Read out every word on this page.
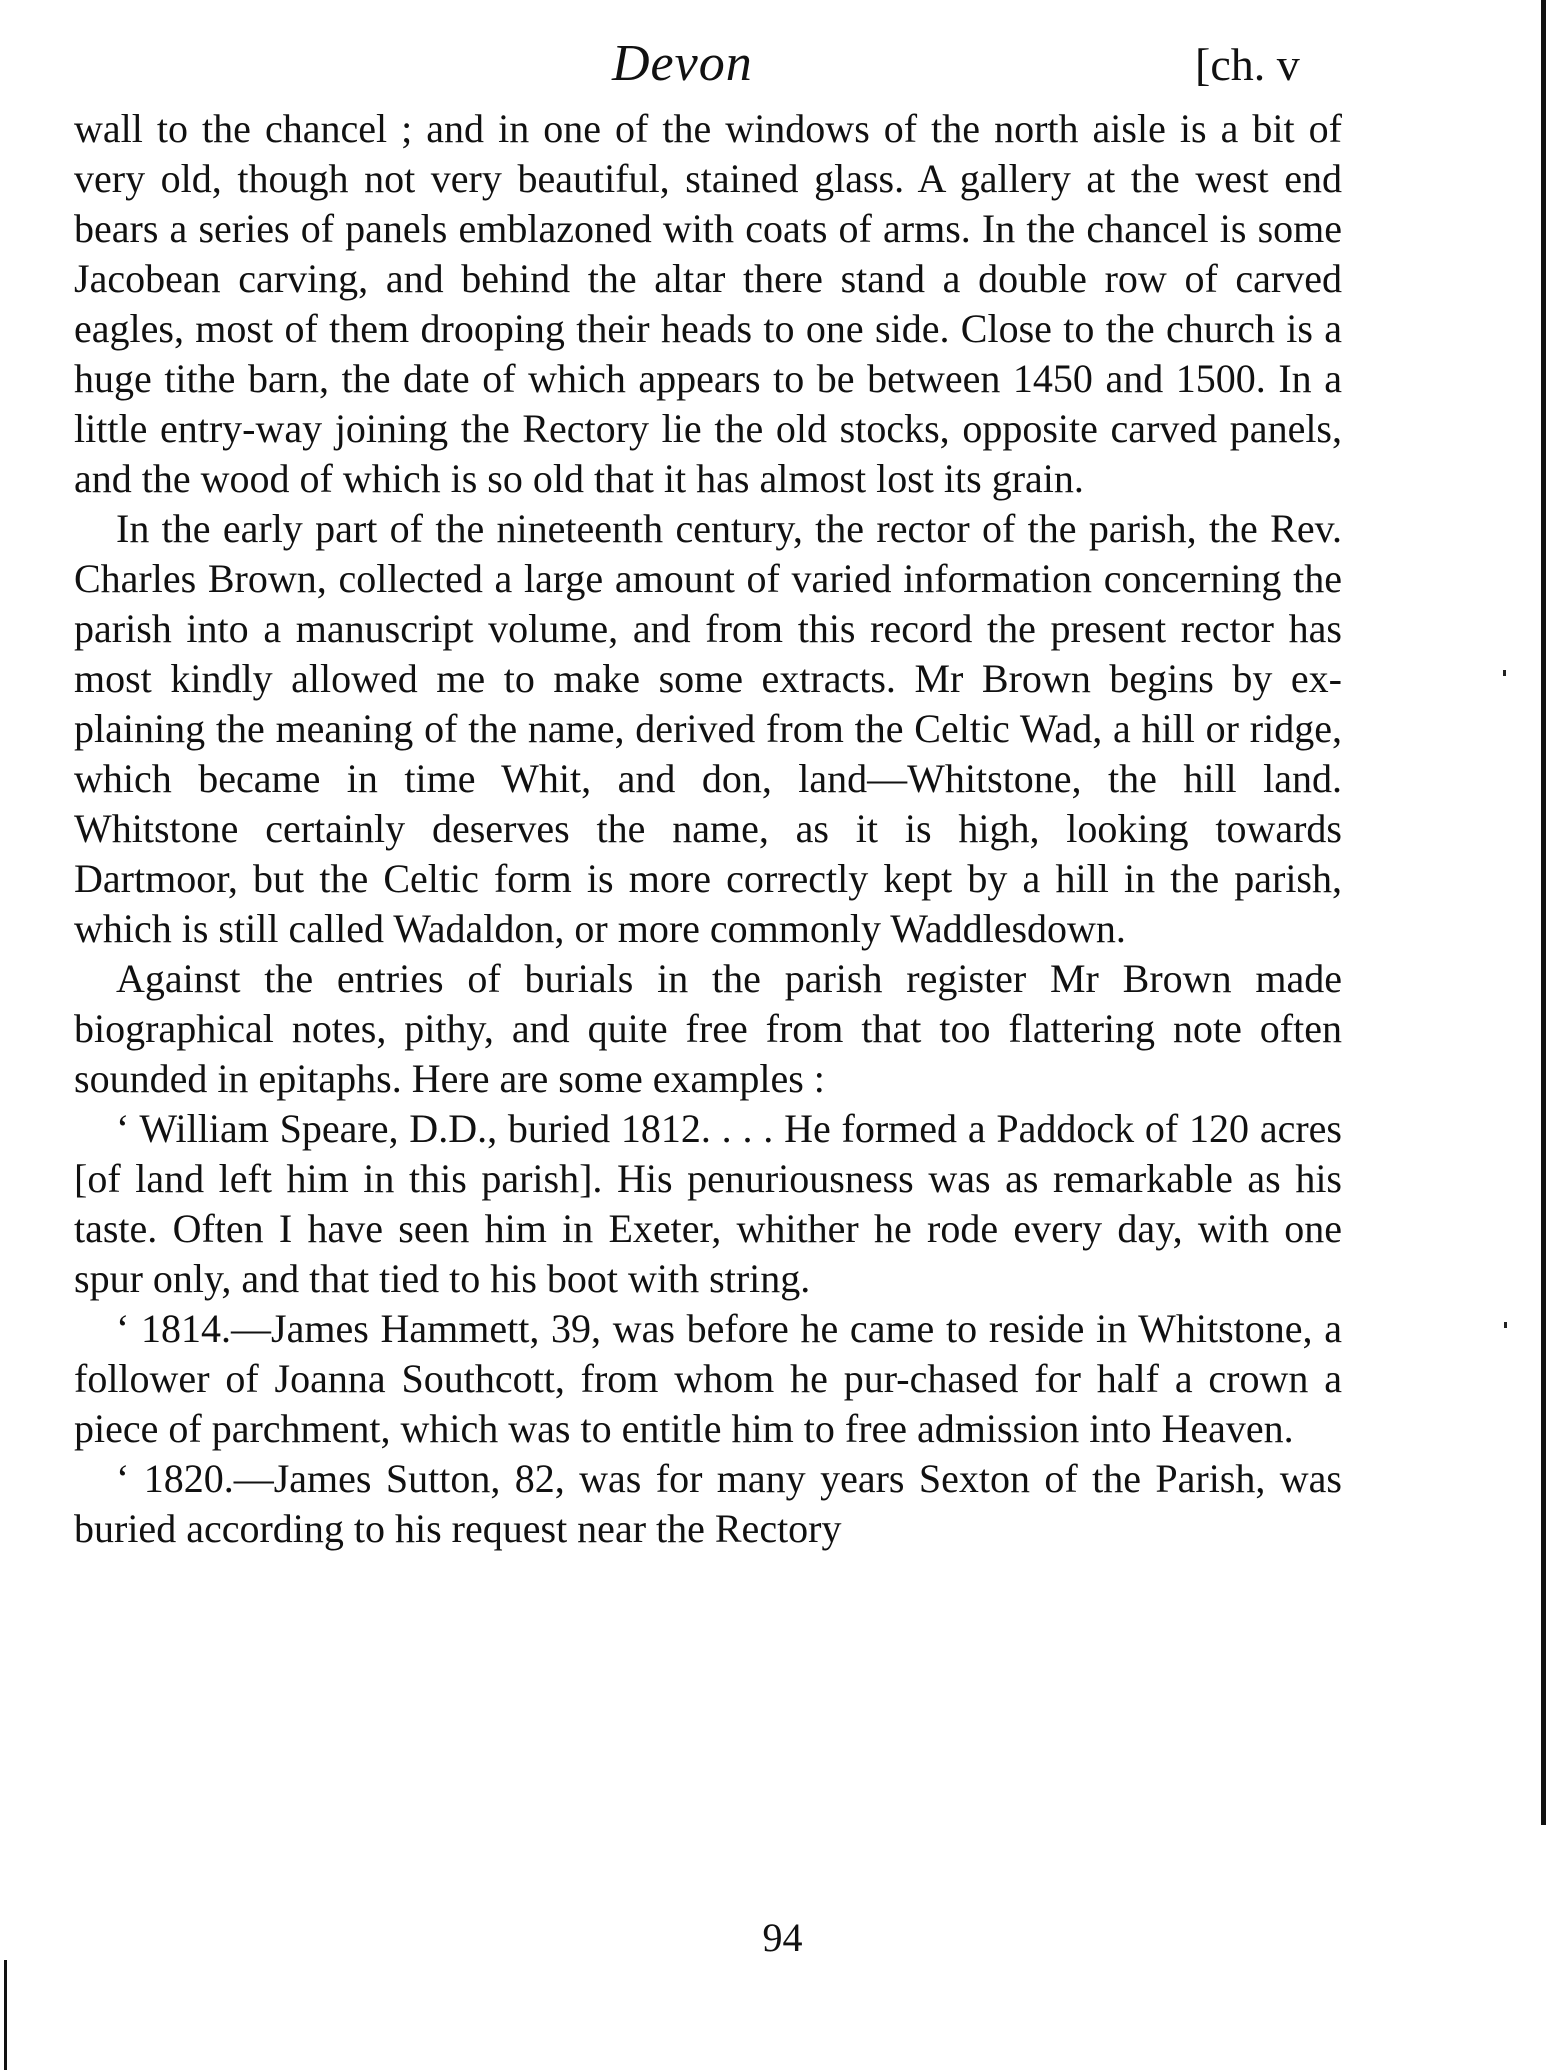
Devon	[ch. v

wall to the chancel ; and in one of the windows of the north aisle is a bit of very old, though not very beautiful, stained glass. A gallery at the west end bears a series of panels emblazoned with coats of arms. In the chancel is some Jacobean carving, and behind the altar there stand a double row of carved eagles, most of them drooping their heads to one side. Close to the church is a huge tithe barn, the date of which appears to be between 1450 and 1500. In a little entry-way joining the Rectory lie the old stocks, opposite carved panels, and the wood of which is so old that it has almost lost its grain.

In the early part of the nineteenth century, the rector of the parish, the Rev. Charles Brown, collected a large amount of varied information concerning the parish into a manuscript volume, and from this record the present rector has most kindly allowed me to make some extracts. Mr Brown begins by ex-plaining the meaning of the name, derived from the Celtic Wad, a hill or ridge, which became in time Whit, and don, land—Whitstone, the hill land. Whitstone certainly deserves the name, as it is high, looking towards Dartmoor, but the Celtic form is more correctly kept by a hill in the parish, which is still called Wadaldon, or more commonly Waddlesdown.

Against the entries of burials in the parish register Mr Brown made biographical notes, pithy, and quite free from that too flattering note often sounded in epitaphs. Here are some examples :

‘ William Speare, D.D., buried 1812. . . . He formed a Paddock of 120 acres [of land left him in this parish]. His penuriousness was as remarkable as his taste. Often I have seen him in Exeter, whither he rode every day, with one spur only, and that tied to his boot with string.

‘ 1814.—James Hammett, 39, was before he came to reside in Whitstone, a follower of Joanna Southcott, from whom he pur-chased for half a crown a piece of parchment, which was to entitle him to free admission into Heaven.

‘ 1820.—James Sutton, 82, was for many years Sexton of the Parish, was buried according to his request near the Rectory

94
